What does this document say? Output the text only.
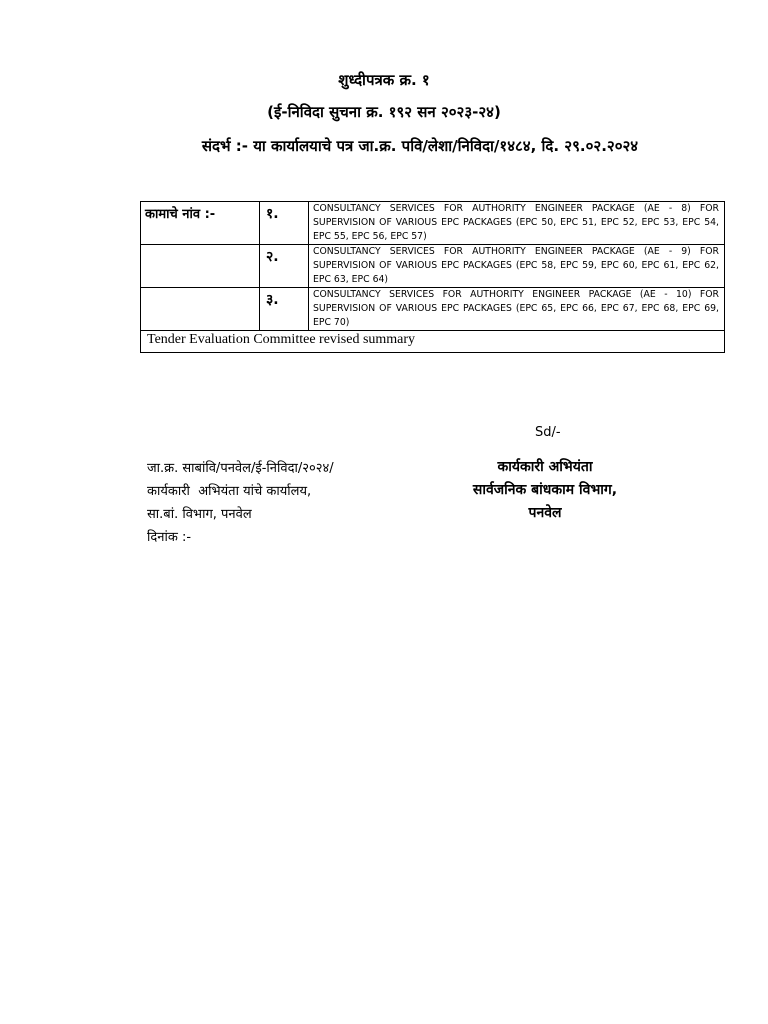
शुध्दीपत्रक क्र. १
(ई-निविदा सुचना क्र. १९२ सन २०२३-२४)
संदर्भ :- या कार्यालयाचे पत्र जा.क्र. पवि/लेशा/निविदा/१४८४, दि. २९.०२.२०२४
कामाचे नांव :-	१.	CONSULTANCY SERVICES FOR AUTHORITY ENGINEER PACKAGE (AE - 8) FOR SUPERVISION OF VARIOUS EPC PACKAGES (EPC 50, EPC 51, EPC 52, EPC 53, EPC 54, EPC 55, EPC 56, EPC 57)
	२.	CONSULTANCY SERVICES FOR AUTHORITY ENGINEER PACKAGE (AE - 9) FOR SUPERVISION OF VARIOUS EPC PACKAGES (EPC 58, EPC 59, EPC 60, EPC 61, EPC 62, EPC 63, EPC 64)
	३.	CONSULTANCY SERVICES FOR AUTHORITY ENGINEER PACKAGE (AE - 10) FOR SUPERVISION OF VARIOUS EPC PACKAGES (EPC 65, EPC 66, EPC 67, EPC 68, EPC 69, EPC 70)
Tender Evaluation Committee revised summary		
Sd/-
जा.क्र. साबांवि/पनवेल/ई-निविदा/२०२४/
कार्यकारी  अभियंता यांचे कार्यालय,
सा.बां. विभाग, पनवेल
दिनांक :-
कार्यकारी अभियंता
सार्वजनिक बांधकाम विभाग,
पनवेल
